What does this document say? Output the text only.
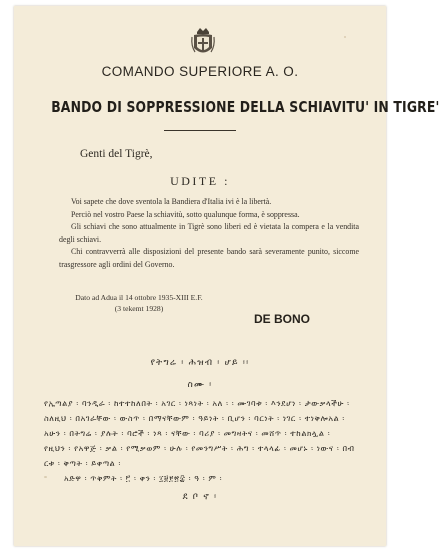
COMANDO SUPERIORE A. O.
BANDO DI SOPPRESSIONE DELLA SCHIAVITU' IN TIGRE'
Genti del Tigrè,
UDITE :

Voi sapete che dove sventola la Bandiera d'Italia ivi è la libertà.

Perciò nel vostro Paese la schiavitù, sotto qualunque forma, è soppressa.

Gli schiavi che sono attualmente in Tigrè sono liberi ed è vietata la compera e la vendita degli schiavi.

Chi contravverrà alle disposizioni del presente bando sarà severamente punito, siccome trasgressore agli ordini del Governo.

Dato ad Adua il 14 ottobre 1935-XIII E.F.
(3 tekemt 1928)
DE BONO
የትግሬ ፡ ሕዝብ ፡ ሆይ ፡፡
ስሙ ፡
የኢጣልያ ፡ ባንዲራ ፡ ከተተከለበት ፡ አገር ፡ ነጻነት ፡ አለ ፡ ፡ ሙገባቱ ፡ እንደሆነ ፡ ታውቃላችሁ ፡
ስለዚህ ፡ በአገራቸው ፡ ውስጥ ፡ በማናቸውም ፡ ዓይነት ፡ ቢሆን ፡ ባርነት ፡ ነገር ፡ ተነቅሎአል ፡
አሁን ፡ በትግሬ ፡ ያሉት ፡ ባሮች ፡ ነጻ ፡ ናቸው ፡ ባሪያ ፡ መግዛትና ፡ መሸጥ ፡ ተከልክሏል ፡
የዚህን ፡ የአዋጅ ፡ ቃል ፡ የሚቃወም ፡ ሁሉ ፡ የመንግሥት ፡ ሕግ ፡ ተላላፊ ፡ መሆኑ ፡ ነውና ፡ በብ
ርቱ ፡ ቅጣት ፡ ይቀጣል ፡
አድዋ ፡ ጥቅምት ፡ ፫ ፡ ቀን ፡ ፲፱፻፳፰ ፡ ዓ ፡ ም ፡
ደ ቦ ኖ ፡
